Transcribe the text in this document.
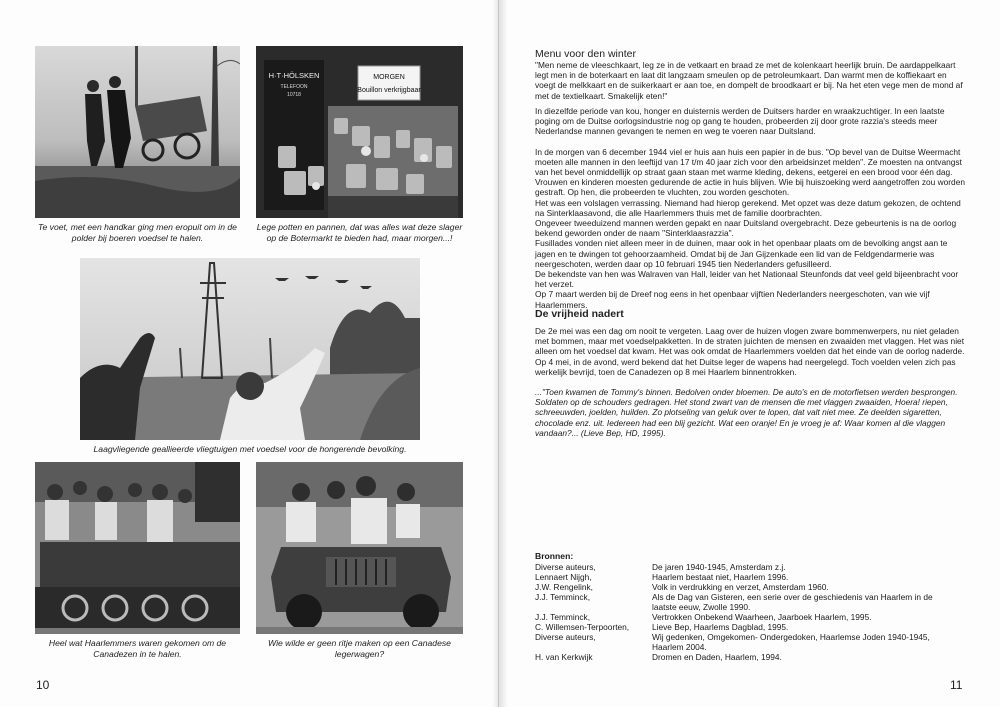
Te voet, met een handkar ging men eropuit om in de polder bij boeren voedsel te halen.
MORGEN
Bouillon verkrijgbaar
H·T·HÖLSKEN
TELEFOON
10718
Lege potten en pannen, dat was alles wat deze slager op de Botermarkt te bieden had, maar morgen...!
Laagvliegende geallieerde vliegtuigen met voedsel voor de hongerende bevolking.
Heel wat Haarlemmers waren gekomen om de Canadezen in te halen.
Wie wilde er geen ritje maken op een Canadese legerwagen?
10
Menu voor den winter

"Men neme de vleeschkaart, leg ze in de vetkaart en braad ze met de kolenkaart heerlijk bruin. De aardappelkaart legt men in de boterkaart en laat dit langzaam smeulen op de petroleumkaart. Dan warmt men de koffiekaart en voegt de melkkaart en de suikerkaart er aan toe, en dompelt de broodkaart er bij. Na het eten vege men de mond af met de textielkaart. Smakelijk eten!"

In diezelfde periode van kou, honger en duisternis werden de Duitsers harder en wraakzuchtiger. In een laatste poging om de Duitse oorlogsindustrie nog op gang te houden, probeerden zij door grote razzia's steeds meer Nederlandse mannen gevangen te nemen en weg te voeren naar Duitsland.

In de morgen van 6 december 1944 viel er huis aan huis een papier in de bus. "Op bevel van de Duitse Weermacht moeten alle mannen in den leeftijd van 17 t/m 40 jaar zich voor den arbeidsinzet melden". Ze moesten na ontvangst van het bevel onmiddellijk op straat gaan staan met warme kleding, dekens, eetgerei en een brood voor één dag. Vrouwen en kinderen moesten gedurende de actie in huis blijven. Wie bij huiszoeking werd aangetroffen zou worden gestraft. Op hen, die probeerden te vluchten, zou worden geschoten.

Het was een volslagen verrassing. Niemand had hierop gerekend. Met opzet was deze datum gekozen, de ochtend na Sinterklaasavond, die alle Haarlemmers thuis met de familie doorbrachten.

Ongeveer tweeduizend mannen werden gepakt en naar Duitsland overgebracht. Deze gebeurtenis is na de oorlog bekend geworden onder de naam "Sinterklaasrazzia".

Fusillades vonden niet alleen meer in de duinen, maar ook in het openbaar plaats om de bevolking angst aan te jagen en te dwingen tot gehoorzaamheid. Omdat bij de Jan Gijzenkade een lid van de Feldgendarmerie was neergeschoten, werden daar op 10 februari 1945 tien Nederlanders gefusilleerd.

De bekendste van hen was Walraven van Hall, leider van het Nationaal Steunfonds dat veel geld bijeenbracht voor het verzet.

Op 7 maart werden bij de Dreef nog eens in het openbaar vijftien Nederlanders neergeschoten, van wie vijf Haarlemmers.

De vrijheid nadert

De 2e mei was een dag om nooit te vergeten. Laag over de huizen vlogen zware bommenwerpers, nu niet geladen met bommen, maar met voedselpakketten. In de straten juichten de mensen en zwaaiden met vlaggen. Het was niet alleen om het voedsel dat kwam. Het was ook omdat de Haarlemmers voelden dat het einde van de oorlog naderde.

Op 4 mei, in de avond, werd bekend dat het Duitse leger de wapens had neergelegd. Toch voelden velen zich pas werkelijk bevrijd, toen de Canadezen op 8 mei Haarlem binnentrokken.

..."Toen kwamen de Tommy's binnen. Bedolven onder bloemen. De auto's en de motorfietsen werden besprongen. Soldaten op de schouders gedragen. Het stond zwart van de mensen die met vlaggen zwaaiden, Hoera! riepen, schreeuwden, joelden, huilden. Zo plotseling van geluk over te lopen, dat valt niet mee. Ze deelden sigaretten, chocolade enz. uit. Iedereen had een blij gezicht. Wat een oranje! En je vroeg je af: Waar komen al die vlaggen vandaan?... (Lieve Bep, HD, 1995).

Bronnen:
Diverse auteurs,	De jaren 1940-1945, Amsterdam z.j.
Lennaert Nijgh,	Haarlem bestaat niet, Haarlem 1996.
J.W. Rengelink,	Volk in verdrukking en verzet, Amsterdam 1960.
J.J. Temminck,	Als de Dag van Gisteren, een serie over de geschiedenis van Haarlem in de laatste eeuw, Zwolle 1990.
J.J. Temminck,	Vertrokken Onbekend Waarheen, Jaarboek Haarlem, 1995.
C. Willemsen-Terpoorten,	Lieve Bep, Haarlems Dagblad, 1995.
Diverse auteurs,	Wij gedenken, Omgekomen- Ondergedoken, Haarlemse Joden 1940-1945, Haarlem 2004.
H. van Kerkwijk	Dromen en Daden, Haarlem, 1994.
11
